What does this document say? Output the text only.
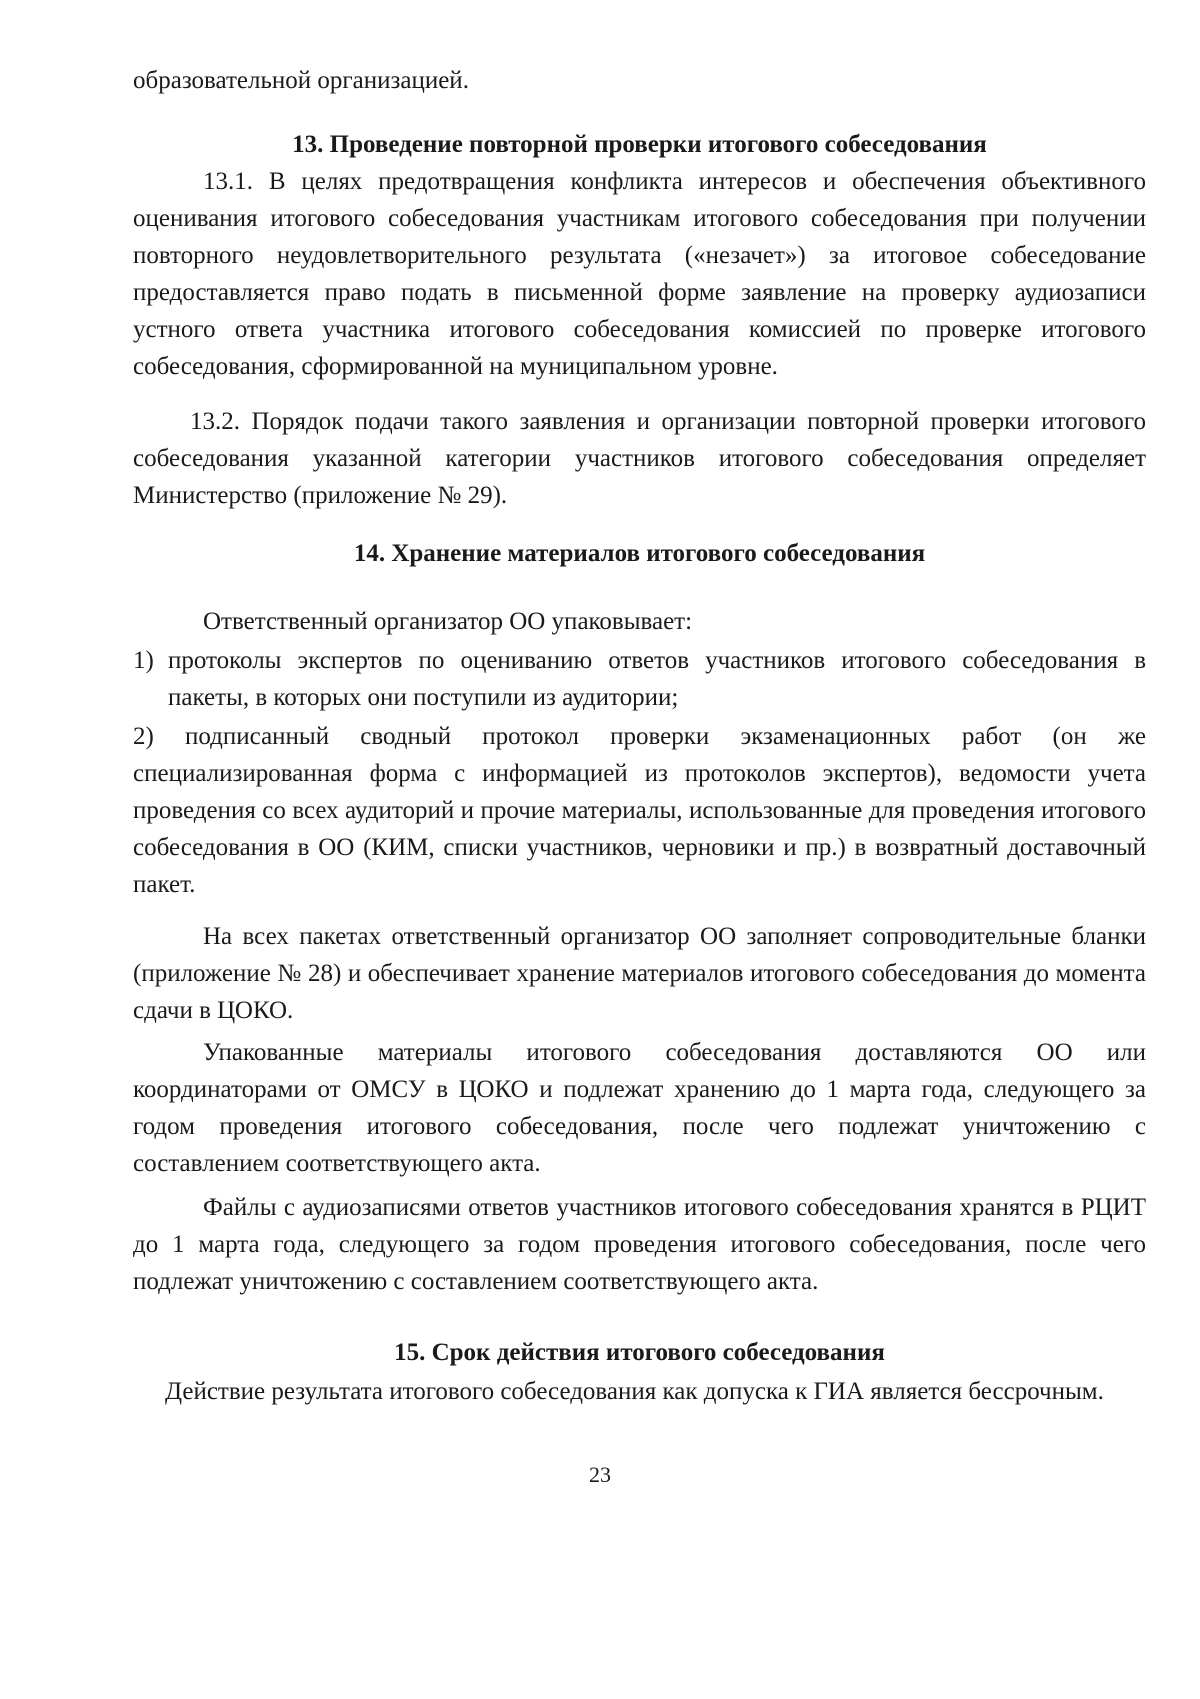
образовательной организацией.
13. Проведение повторной проверки итогового собеседования
13.1. В целях предотвращения конфликта интересов и обеспечения объективного оценивания итогового собеседования участникам итогового собеседования при получении повторного неудовлетворительного результата («незачет») за итоговое собеседование предоставляется право подать в письменной форме заявление на проверку аудиозаписи устного ответа участника итогового собеседования комиссией по проверке итогового собеседования, сформированной на муниципальном уровне.
13.2. Порядок подачи такого заявления и организации повторной проверки итогового собеседования указанной категории участников итогового собеседования определяет Министерство (приложение № 29).
14. Хранение материалов итогового собеседования
Ответственный организатор ОО упаковывает:
1) протоколы экспертов по оцениванию ответов участников итогового собеседования в пакеты, в которых они поступили из аудитории;
2) подписанный сводный протокол проверки экзаменационных работ (он же специализированная форма с информацией из протоколов экспертов), ведомости учета проведения со всех аудиторий и прочие материалы, использованные для проведения итогового собеседования в ОО (КИМ, списки участников, черновики и пр.) в возвратный доставочный пакет.
На всех пакетах ответственный организатор ОО заполняет сопроводительные бланки (приложение № 28) и обеспечивает хранение материалов итогового собеседования до момента сдачи в ЦОКО.
Упакованные материалы итогового собеседования доставляются ОО или координаторами от ОМСУ в ЦОКО и подлежат хранению до 1 марта года, следующего за годом проведения итогового собеседования, после чего подлежат уничтожению с составлением соответствующего акта.
Файлы с аудиозаписями ответов участников итогового собеседования хранятся в РЦИТ до 1 марта года, следующего за годом проведения итогового собеседования, после чего подлежат уничтожению с составлением соответствующего акта.
15. Срок действия итогового собеседования
Действие результата итогового собеседования как допуска к ГИА является бессрочным.
23
